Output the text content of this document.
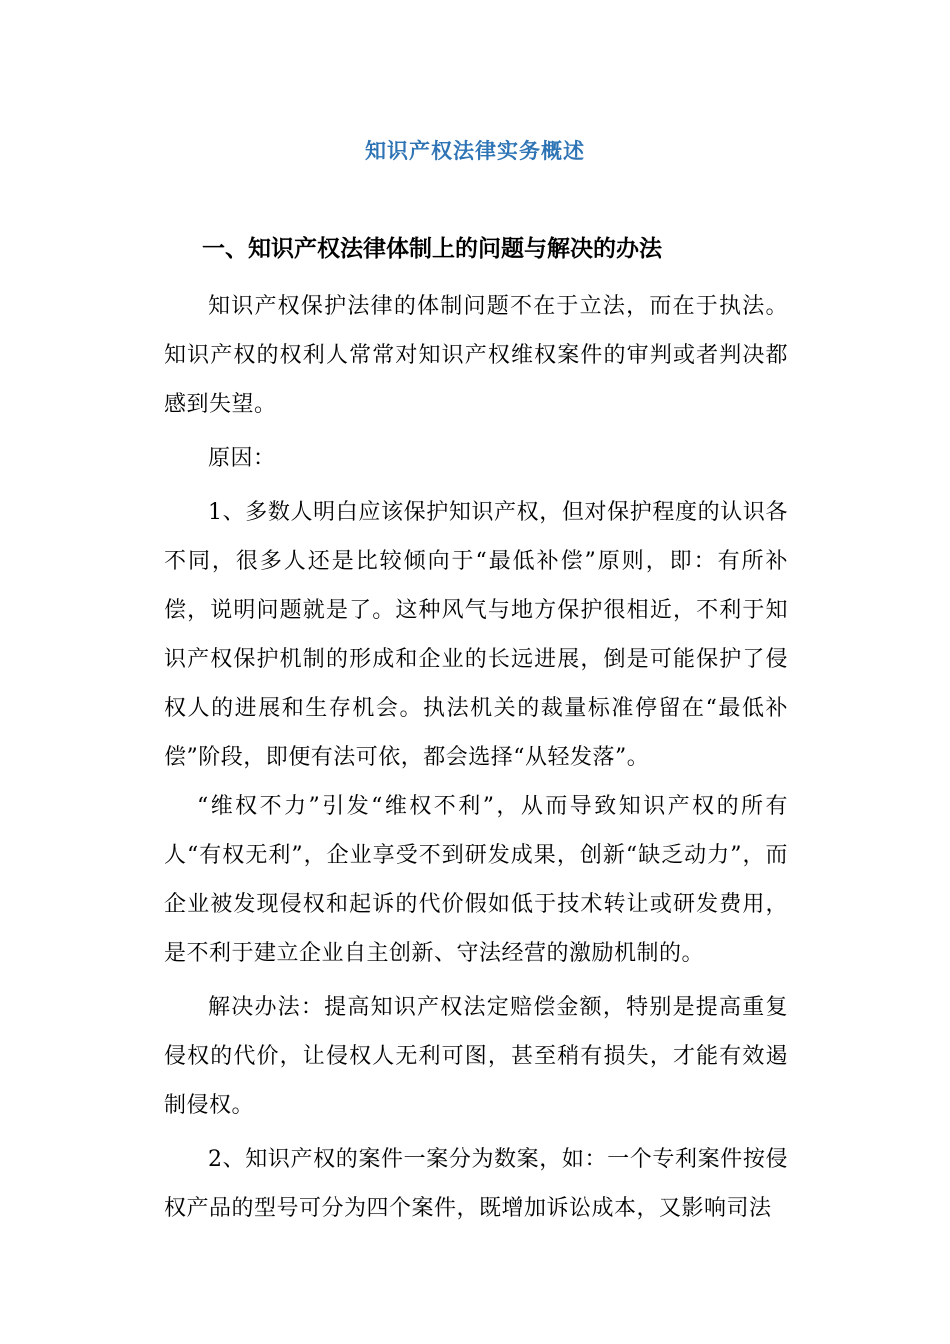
知识产权法律实务概述
一、知识产权法律体制上的问题与解决的办法

知识产权保护法律的体制问题不在于立法，而在于执法。知识产权的权利人常常对知识产权维权案件的审判或者判决都感到失望。

原因：

1、多数人明白应该保护知识产权，但对保护程度的认识各不同，很多人还是比较倾向于“最低补偿”原则，即：有所补偿，说明问题就是了。这种风气与地方保护很相近，不利于知识产权保护机制的形成和企业的长远进展，倒是可能保护了侵权人的进展和生存机会。执法机关的裁量标准停留在“最低补偿”阶段，即便有法可依，都会选择“从轻发落”。

“维权不力”引发“维权不利”，从而导致知识产权的所有人“有权无利”，企业享受不到研发成果，创新“缺乏动力”，而企业被发现侵权和起诉的代价假如低于技术转让或研发费用，是不利于建立企业自主创新、守法经营的激励机制的。

解决办法：提高知识产权法定赔偿金额，特别是提高重复侵权的代价，让侵权人无利可图，甚至稍有损失，才能有效遏制侵权。

2、知识产权的案件一案分为数案，如：一个专利案件按侵权产品的型号可分为四个案件，既增加诉讼成本，又影响司法
